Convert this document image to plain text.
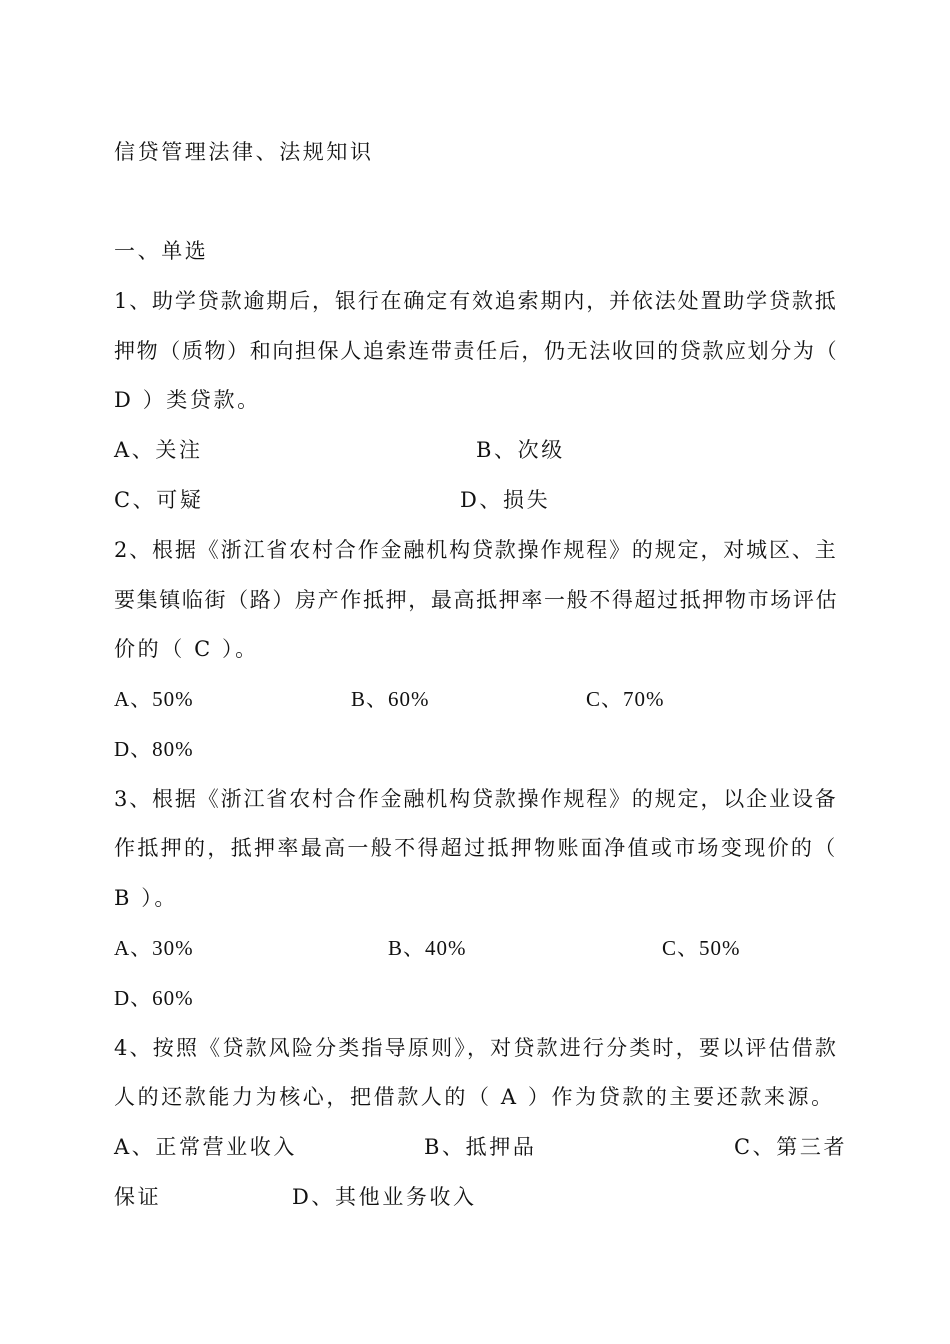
信贷管理法律、法规知识
一、单选
1、助学贷款逾期后，银行在确定有效追索期内，并依法处置助学贷款抵
押物（质物）和向担保人追索连带责任后，仍无法收回的贷款应划分为（
D ）类贷款。
A、关注	B、次级
C、可疑	D、损失
2、根据《浙江省农村合作金融机构贷款操作规程》的规定，对城区、主
要集镇临街（路）房产作抵押，最高抵押率一般不得超过抵押物市场评估
价的（ C ）。
A、50%	B、60%	C、70%
D、80%
3、根据《浙江省农村合作金融机构贷款操作规程》的规定，以企业设备
作抵押的，抵押率最高一般不得超过抵押物账面净值或市场变现价的（
B ）。
A、30%	B、40%	C、50%
D、60%
4、按照《贷款风险分类指导原则》，对贷款进行分类时，要以评估借款
人的还款能力为核心，把借款人的（ A ）作为贷款的主要还款来源。
A、正常营业收入	B、抵押品	C、第三者
保证	D、其他业务收入
